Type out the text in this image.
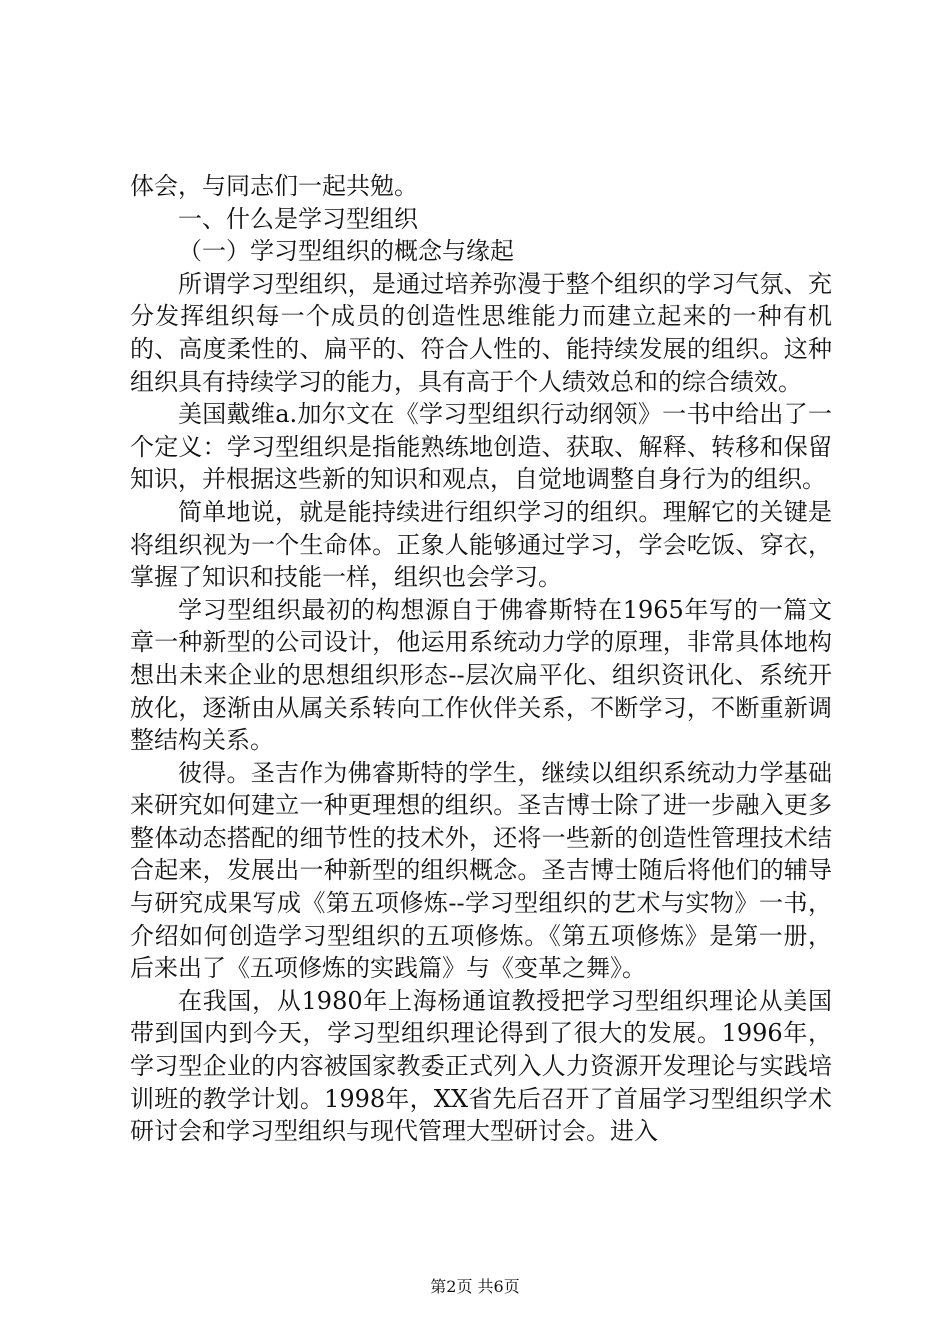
体会，与同志们一起共勉。

一、什么是学习型组织

（一）学习型组织的概念与缘起

所谓学习型组织，是通过培养弥漫于整个组织的学习气氛、充分发挥组织每一个成员的创造性思维能力而建立起来的一种有机的、高度柔性的、扁平的、符合人性的、能持续发展的组织。这种组织具有持续学习的能力，具有高于个人绩效总和的综合绩效。

美国戴维a.加尔文在《学习型组织行动纲领》一书中给出了一个定义：学习型组织是指能熟练地创造、获取、解释、转移和保留知识，并根据这些新的知识和观点，自觉地调整自身行为的组织。

简单地说，就是能持续进行组织学习的组织。理解它的关键是将组织视为一个生命体。正象人能够通过学习，学会吃饭、穿衣，掌握了知识和技能一样，组织也会学习。

学习型组织最初的构想源自于佛睿斯特在1965年写的一篇文章一种新型的公司设计，他运用系统动力学的原理，非常具体地构想出未来企业的思想组织形态--层次扁平化、组织资讯化、系统开放化，逐渐由从属关系转向工作伙伴关系，不断学习，不断重新调整结构关系。

彼得。圣吉作为佛睿斯特的学生，继续以组织系统动力学基础来研究如何建立一种更理想的组织。圣吉博士除了进一步融入更多整体动态搭配的细节性的技术外，还将一些新的创造性管理技术结合起来，发展出一种新型的组织概念。圣吉博士随后将他们的辅导与研究成果写成《第五项修炼--学习型组织的艺术与实物》一书，介绍如何创造学习型组织的五项修炼。《第五项修炼》是第一册，后来出了《五项修炼的实践篇》与《变革之舞》。

在我国，从1980年上海杨通谊教授把学习型组织理论从美国带到国内到今天，学习型组织理论得到了很大的发展。1996年，学习型企业的内容被国家教委正式列入人力资源开发理论与实践培训班的教学计划。1998年，XX省先后召开了首届学习型组织学术研讨会和学习型组织与现代管理大型研讨会。进入

第2页 共6页
